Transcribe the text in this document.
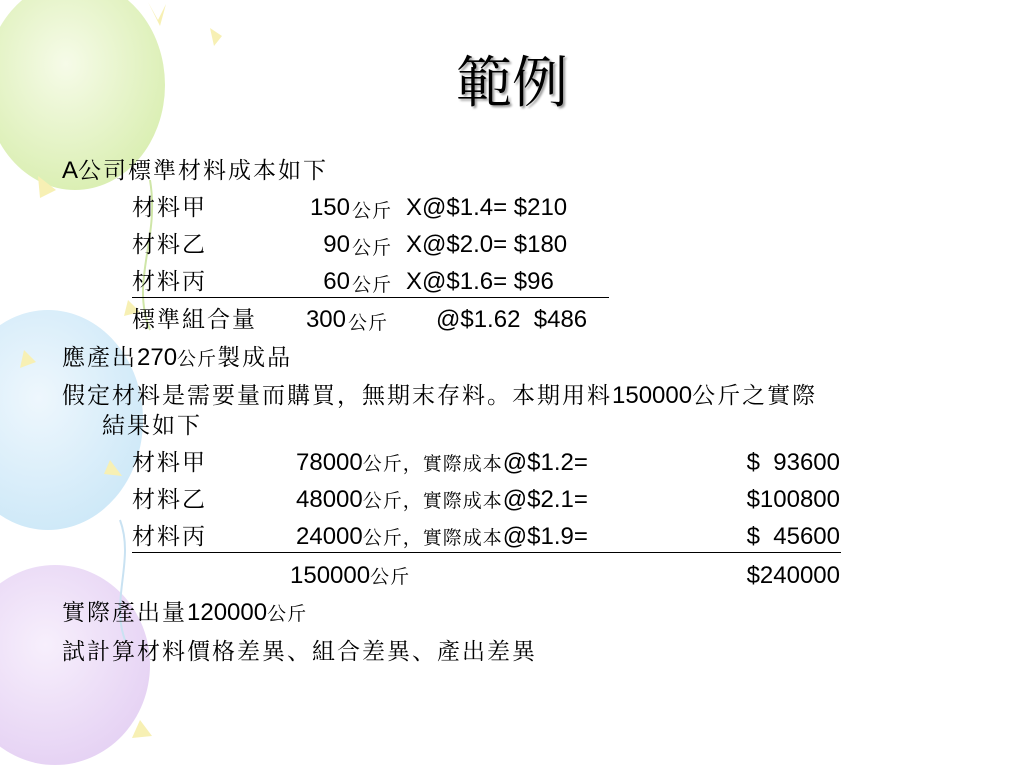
範例
A公司標準材料成本如下
材料甲	150 公斤 X@$1.4= $210
材料乙	90 公斤 X@$2.0= $180
材料丙	60 公斤 X@$1.6= $96
標準組合量	300 公斤 @$1.62  $486
應產出270公斤製成品
假定材料是需要量而購買，無期末存料。本期用料150000公斤之實際
結果如下
材料甲	78000公斤，實際成本@$1.2=	$  93600
材料乙	48000公斤，實際成本@$2.1=	$100800
材料丙	24000公斤，實際成本@$1.9=	$  45600
150000公斤	$240000
實際產出量120000公斤
試計算材料價格差異、組合差異、產出差異
